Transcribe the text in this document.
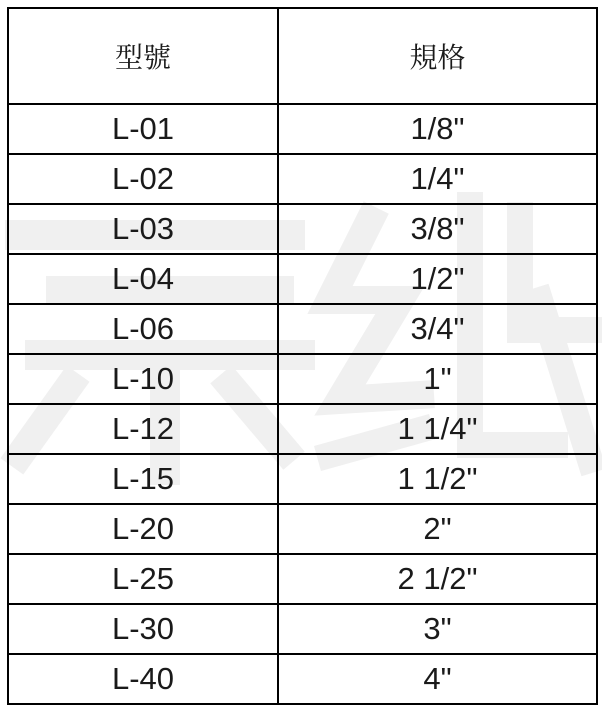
型號	規格
L-01	1/8"
L-02	1/4"
L-03	3/8"
L-04	1/2"
L-06	3/4"
L-10	1"
L-12	1 1/4"
L-15	1 1/2"
L-20	2"
L-25	2 1/2"
L-30	3"
L-40	4"
